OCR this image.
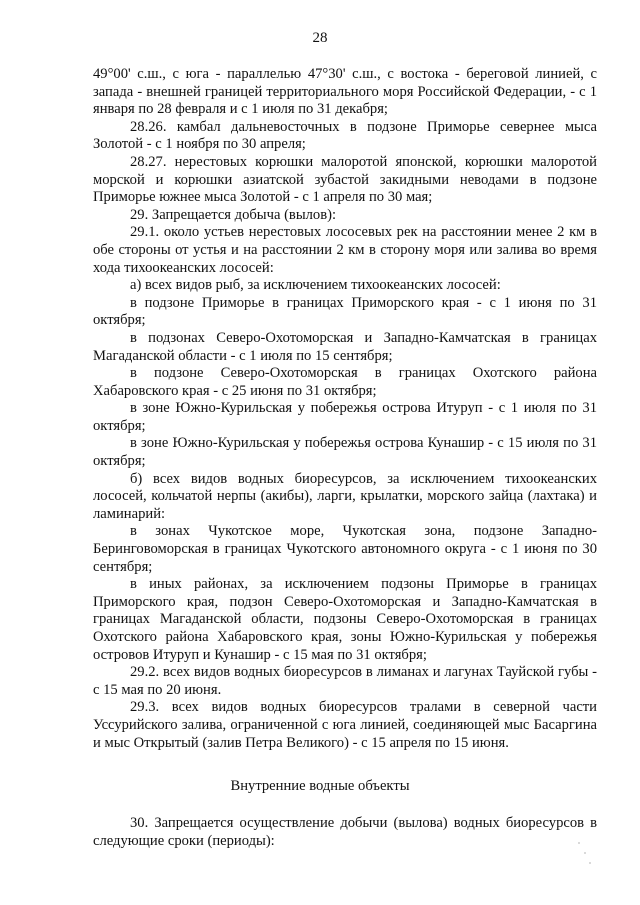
28

49°00' с.ш., с юга - параллелью 47°30' с.ш., с востока - береговой линией, с запада - внешней границей территориального моря Российской Федерации, - с 1 января по 28 февраля и с 1 июля по 31 декабря;

28.26. камбал дальневосточных в подзоне Приморье севернее мыса Золотой - с 1 ноября по 30 апреля;

28.27. нерестовых корюшки малоротой японской, корюшки малоротой морской и корюшки азиатской зубастой закидными неводами в подзоне Приморье южнее мыса Золотой - с 1 апреля по 30 мая;

29. Запрещается добыча (вылов):

29.1. около устьев нерестовых лососевых рек на расстоянии менее 2 км в обе стороны от устья и на расстоянии 2 км в сторону моря или залива во время хода тихоокеанских лососей:

а) всех видов рыб, за исключением тихоокеанских лососей:

в подзоне Приморье в границах Приморского края - с 1 июня по 31 октября;

в подзонах Северо-Охотоморская и Западно-Камчатская в границах Магаданской области - с 1 июля по 15 сентября;

в подзоне Северо-Охотоморская в границах Охотского района Хабаровского края - с 25 июня по 31 октября;

в зоне Южно-Курильская у побережья острова Итуруп - с 1 июля по 31 октября;

в зоне Южно-Курильская у побережья острова Кунашир - с 15 июля по 31 октября;

б) всех видов водных биоресурсов, за исключением тихоокеанских лососей, кольчатой нерпы (акибы), ларги, крылатки, морского зайца (лахтака) и ламинарий:

в зонах Чукотское море, Чукотская зона, подзоне Западно-Беринговоморская в границах Чукотского автономного округа - с 1 июня по 30 сентября;

в иных районах, за исключением подзоны Приморье в границах Приморского края, подзон Северо-Охотоморская и Западно-Камчатская в границах Магаданской области, подзоны Северо-Охотоморская в границах Охотского района Хабаровского края, зоны Южно-Курильская у побережья островов Итуруп и Кунашир - с 15 мая по 31 октября;

29.2. всех видов водных биоресурсов в лиманах и лагунах Тауйской губы - с 15 мая по 20 июня.

29.3. всех видов водных биоресурсов тралами в северной части Уссурийского залива, ограниченной с юга линией, соединяющей мыс Басаргина и мыс Открытый (залив Петра Великого) - с 15 апреля по 15 июня.

Внутренние водные объекты

30. Запрещается осуществление добычи (вылова) водных биоресурсов в следующие сроки (периоды):
